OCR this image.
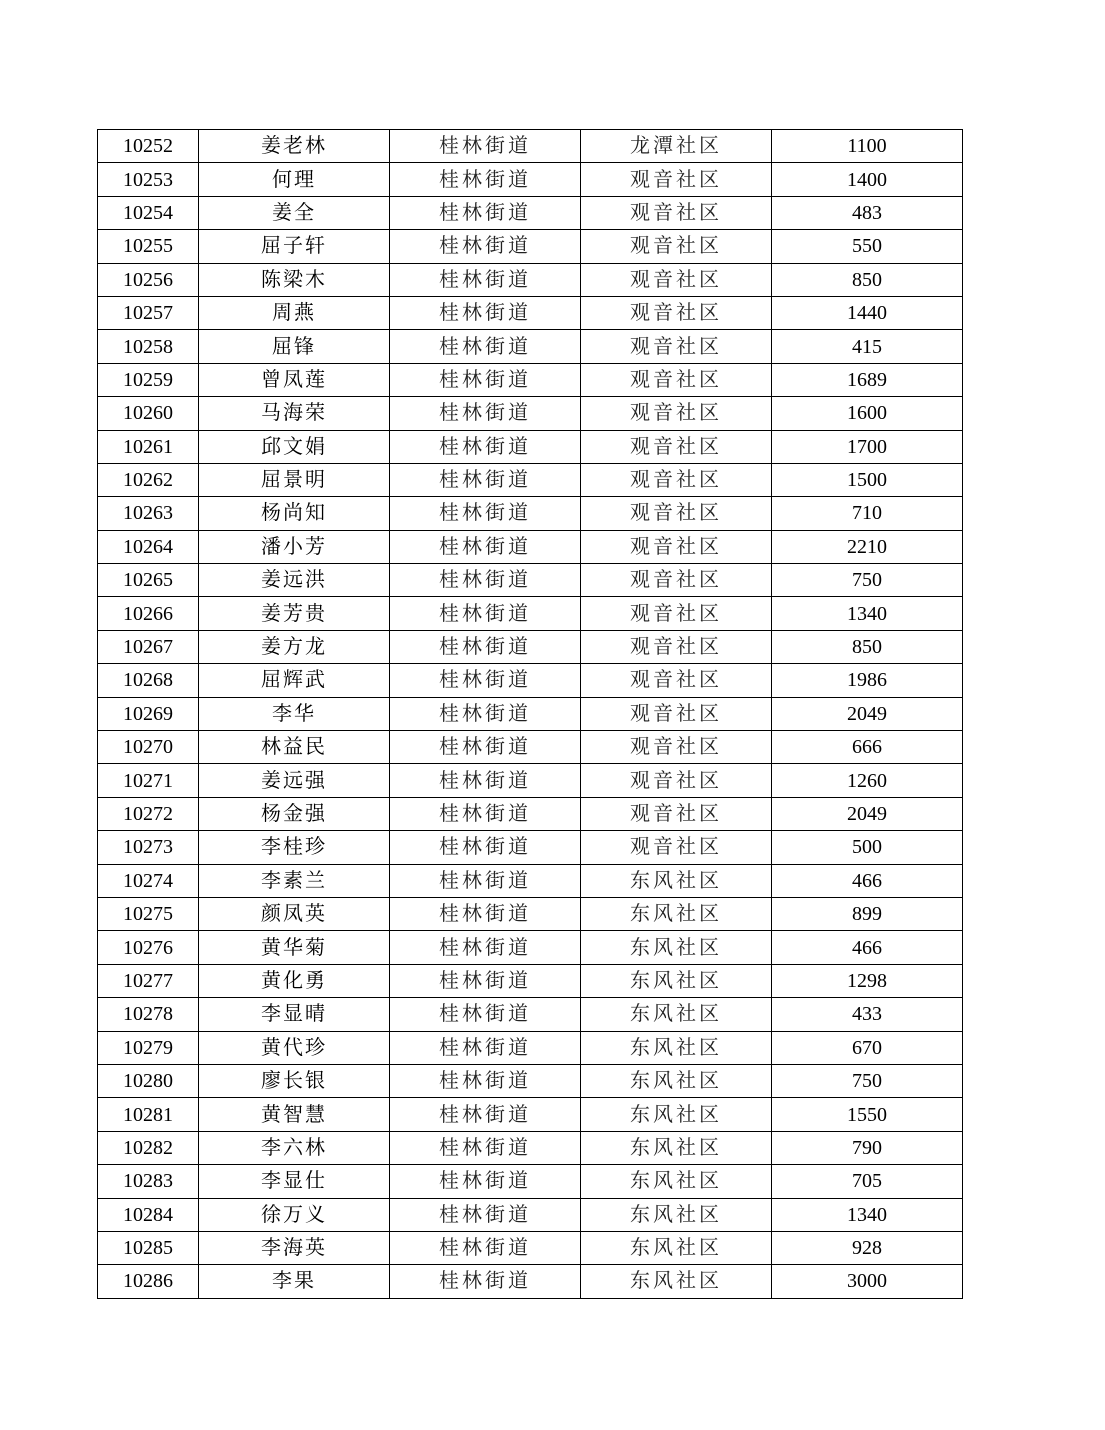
10252	姜老林	桂林街道	龙潭社区	1100
10253	何理	桂林街道	观音社区	1400
10254	姜全	桂林街道	观音社区	483
10255	屈子轩	桂林街道	观音社区	550
10256	陈梁木	桂林街道	观音社区	850
10257	周燕	桂林街道	观音社区	1440
10258	屈锋	桂林街道	观音社区	415
10259	曾凤莲	桂林街道	观音社区	1689
10260	马海荣	桂林街道	观音社区	1600
10261	邱文娟	桂林街道	观音社区	1700
10262	屈景明	桂林街道	观音社区	1500
10263	杨尚知	桂林街道	观音社区	710
10264	潘小芳	桂林街道	观音社区	2210
10265	姜远洪	桂林街道	观音社区	750
10266	姜芳贵	桂林街道	观音社区	1340
10267	姜方龙	桂林街道	观音社区	850
10268	屈辉武	桂林街道	观音社区	1986
10269	李华	桂林街道	观音社区	2049
10270	林益民	桂林街道	观音社区	666
10271	姜远强	桂林街道	观音社区	1260
10272	杨金强	桂林街道	观音社区	2049
10273	李桂珍	桂林街道	观音社区	500
10274	李素兰	桂林街道	东风社区	466
10275	颜凤英	桂林街道	东风社区	899
10276	黄华菊	桂林街道	东风社区	466
10277	黄化勇	桂林街道	东风社区	1298
10278	李显晴	桂林街道	东风社区	433
10279	黄代珍	桂林街道	东风社区	670
10280	廖长银	桂林街道	东风社区	750
10281	黄智慧	桂林街道	东风社区	1550
10282	李六林	桂林街道	东风社区	790
10283	李显仕	桂林街道	东风社区	705
10284	徐万义	桂林街道	东风社区	1340
10285	李海英	桂林街道	东风社区	928
10286	李果	桂林街道	东风社区	3000
